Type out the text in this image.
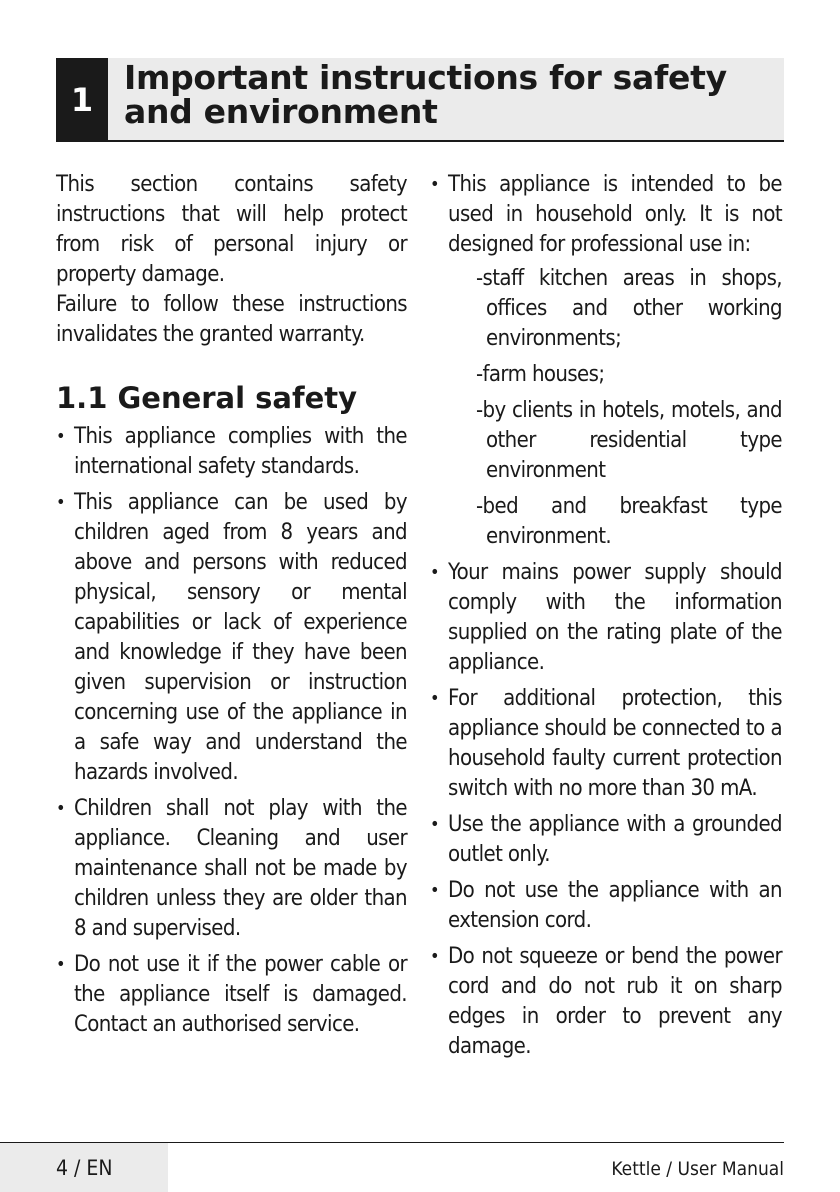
1
Important instructions for safety and environment

This section contains safety instructions that will help protect from risk of personal injury or property damage.

Failure to follow these instructions invalidates the granted warranty.

1.1 General safety
• This appliance complies with the international safety standards.
• This appliance can be used by children aged from 8 years and above and persons with reduced physical, sensory or mental capabilities or lack of experience and knowledge if they have been given supervision or instruction concerning use of the appliance in a safe way and understand the hazards involved.
• Children shall not play with the appliance. Cleaning and user maintenance shall not be made by children unless they are older than 8 and supervised.
• Do not use it if the power cable or the appliance itself is damaged. Contact an authorised service.
• This appliance is intended to be used in household only. It is not designed for professional use in:
-staff kitchen areas in shops, offices and other working environments;
-farm houses;
-by clients in hotels, motels, and other residential type environment
-bed and breakfast type environment.
• Your mains power supply should comply with the information supplied on the rating plate of the appliance.
• For additional protection, this appliance should be connected to a household faulty current protection switch with no more than 30 mA.
• Use the appliance with a grounded outlet only.
• Do not use the appliance with an extension cord.
• Do not squeeze or bend the power cord and do not rub it on sharp edges in order to prevent any damage.
4 / EN	Kettle / User Manual
